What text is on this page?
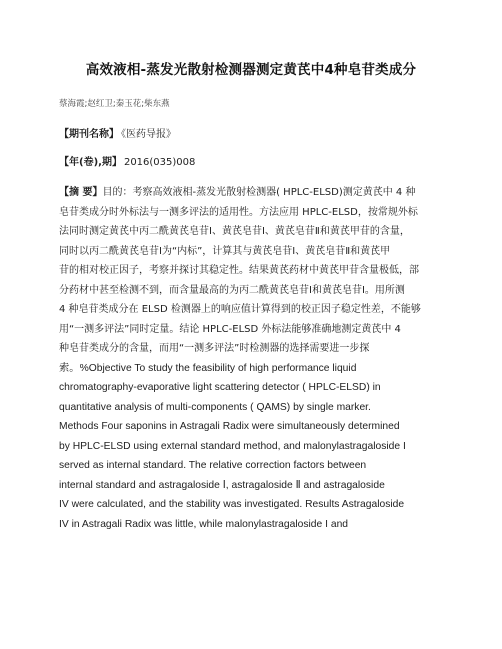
高效液相-蒸发光散射检测器测定黄芪中4种皂苷类成分
蔡海霞;赵红卫;秦玉花;柴东燕
【期刊名称】 《医药导报》
【年(卷),期】 2016(035)008
【摘 要】目的：考察高效液相-蒸发光散射检测器( HPLC-ELSD)测定黄芪中 4 种
皂苷类成分时外标法与一测多评法的适用性。方法应用 HPLC-ELSD，按常规外标
法同时测定黄芪中丙二酰黄芪皂苷Ⅰ、黄芪皂苷Ⅰ、黄芪皂苷Ⅱ和黄芪甲苷的含量，
同时以丙二酰黄芪皂苷Ⅰ为“内标”，计算其与黄芪皂苷Ⅰ、黄芪皂苷Ⅱ和黄芪甲
苷的相对校正因子，考察并探讨其稳定性。结果黄芪药材中黄芪甲苷含量极低，部
分药材中甚至检测不到，而含量最高的为丙二酰黄芪皂苷Ⅰ和黄芪皂苷Ⅰ。用所测
4 种皂苷类成分在 ELSD 检测器上的响应值计算得到的校正因子稳定性差，不能够
用“一测多评法”同时定量。结论 HPLC-ELSD 外标法能够准确地测定黄芪中 4
种皂苷类成分的含量，而用“一测多评法”时检测器的选择需要进一步探
索。%Objective To study the feasibility of high performance liquid
chromatography-evaporative light scattering detector ( HPLC-ELSD) in
quantitative analysis of multi-components ( QAMS) by single marker.
Methods Four saponins in Astragali Radix were simultaneously determined
by HPLC-ELSD using external standard method, and malonylastragaloside I
served as internal standard. The relative correction factors between
internal standard and astragaloside Ⅰ, astragaloside Ⅱ and astragaloside
IV were calculated, and the stability was investigated. Results Astragaloside
IV in Astragali Radix was little, while malonylastragaloside I and
